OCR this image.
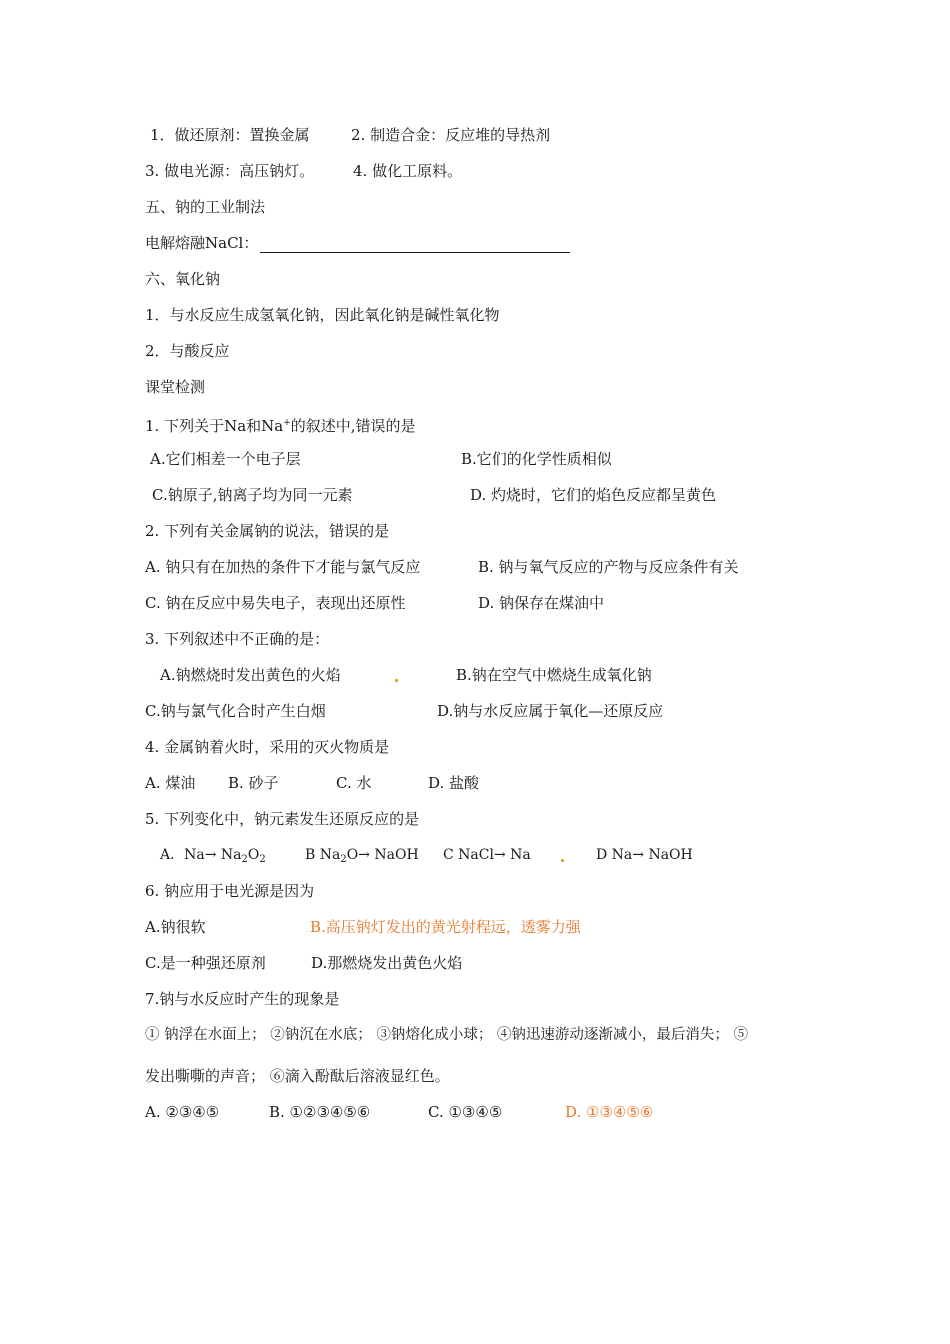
1．做还原剂：置换金属	2. 制造合金：反应堆的导热剂
3. 做电光源：高压钠灯。	4. 做化工原料。
五、钠的工业制法
电解熔融NaCl：
六、氧化钠
1．与水反应生成氢氧化钠，因此氧化钠是碱性氧化物
2．与酸反应
课堂检测
1. 下列关于Na和Na+的叙述中,错误的是
A.它们相差一个电子层	B.它们的化学性质相似
C.钠原子,钠离子均为同一元素	D. 灼烧时，它们的焰色反应都呈黄色
2. 下列有关金属钠的说法，错误的是
A. 钠只有在加热的条件下才能与氯气反应	B. 钠与氧气反应的产物与反应条件有关
C. 钠在反应中易失电子，表现出还原性	D. 钠保存在煤油中
3. 下列叙述中不正确的是：
A.钠燃烧时发出黄色的火焰	B.钠在空气中燃烧生成氧化钠
C.钠与氯气化合时产生白烟	D.钠与水反应属于氧化—还原反应
4. 金属钠着火时，采用的灭火物质是
A. 煤油 B. 砂子	C. 水	D. 盐酸
5. 下列变化中，钠元素发生还原反应的是
A．$Na\to Na_2O_2$	B $Na_2O\to$ NaOH C NaCl→ Na	D Na→ NaOH
6. 钠应用于电光源是因为
A.钠很软	B.高压钠灯发出的黄光射程远，透雾力强
C.是一种强还原剂	D.那燃烧发出黄色火焰
7.钠与水反应时产生的现象是
① 钠浮在水面上； ②钠沉在水底； ③钠熔化成小球； ④钠迅速游动逐渐减小，最后消失； ⑤
发出嘶嘶的声音； ⑥滴入酚酞后溶液显红色。
A. ②③④⑤	B. ①②③④⑤⑥	C. ①③④⑤	D. ①③④⑤⑥
